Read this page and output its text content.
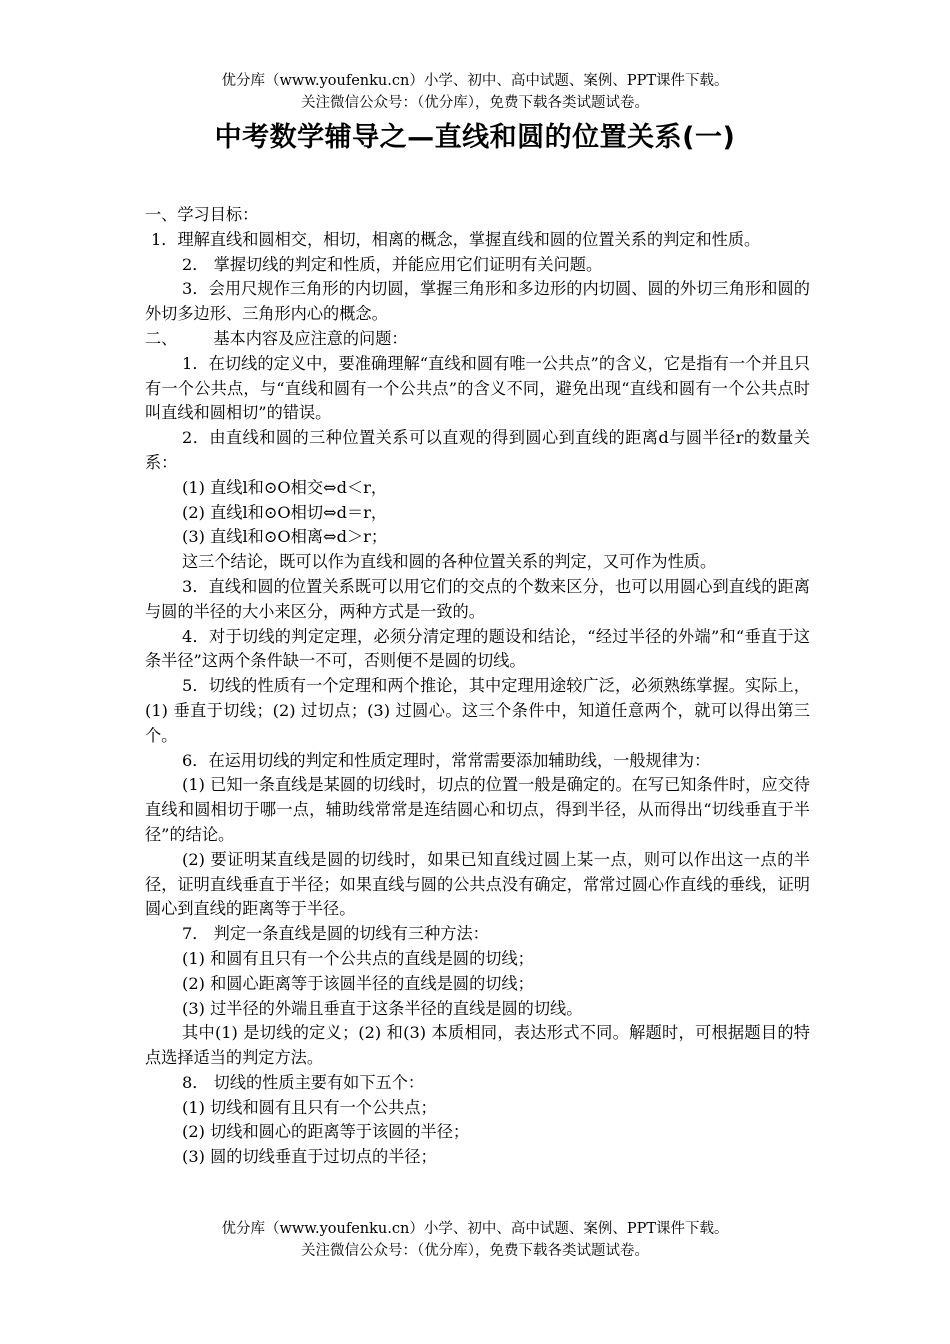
优分库（www.youfenku.cn）小学、初中、高中试题、案例、PPT课件下载。
关注微信公众号：（优分库），免费下载各类试题试卷。
中考数学辅导之—直线和圆的位置关系(一)

一、学习目标：

1．理解直线和圆相交，相切，相离的概念，掌握直线和圆的位置关系的判定和性质。

2． 掌握切线的判定和性质，并能应用它们证明有关问题。

3．会用尺规作三角形的内切圆，掌握三角形和多边形的内切圆、圆的外切三角形和圆的外切多边形、三角形内心的概念。

二、 基本内容及应注意的问题：

1．在切线的定义中，要准确理解“直线和圆有唯一公共点”的含义，它是指有一个并且只有一个公共点，与“直线和圆有一个公共点”的含义不同，避免出现“直线和圆有一个公共点时叫直线和圆相切”的错误。

2．由直线和圆的三种位置关系可以直观的得到圆心到直线的距离d与圆半径r的数量关系：

(1) 直线l和⊙O相交⇔d＜r，

(2) 直线l和⊙O相切⇔d＝r，

(3) 直线l和⊙O相离⇔d＞r；

这三个结论，既可以作为直线和圆的各种位置关系的判定，又可作为性质。

3．直线和圆的位置关系既可以用它们的交点的个数来区分，也可以用圆心到直线的距离与圆的半径的大小来区分，两种方式是一致的。

4．对于切线的判定定理，必须分清定理的题设和结论，“经过半径的外端”和“垂直于这条半径”这两个条件缺一不可，否则便不是圆的切线。

5．切线的性质有一个定理和两个推论，其中定理用途较广泛，必须熟练掌握。实际上，(1) 垂直于切线；(2) 过切点；(3) 过圆心。这三个条件中，知道任意两个，就可以得出第三个。

6．在运用切线的判定和性质定理时，常常需要添加辅助线，一般规律为：

(1) 已知一条直线是某圆的切线时，切点的位置一般是确定的。在写已知条件时，应交待直线和圆相切于哪一点，辅助线常常是连结圆心和切点，得到半径，从而得出“切线垂直于半径”的结论。

(2) 要证明某直线是圆的切线时，如果已知直线过圆上某一点，则可以作出这一点的半径，证明直线垂直于半径；如果直线与圆的公共点没有确定，常常过圆心作直线的垂线，证明圆心到直线的距离等于半径。

7． 判定一条直线是圆的切线有三种方法：

(1) 和圆有且只有一个公共点的直线是圆的切线；

(2) 和圆心距离等于该圆半径的直线是圆的切线；

(3) 过半径的外端且垂直于这条半径的直线是圆的切线。

其中(1) 是切线的定义；(2) 和(3) 本质相同，表达形式不同。解题时，可根据题目的特点选择适当的判定方法。

8． 切线的性质主要有如下五个：

(1) 切线和圆有且只有一个公共点；

(2) 切线和圆心的距离等于该圆的半径；

(3) 圆的切线垂直于过切点的半径；

优分库（www.youfenku.cn）小学、初中、高中试题、案例、PPT课件下载。
关注微信公众号：（优分库），免费下载各类试题试卷。
